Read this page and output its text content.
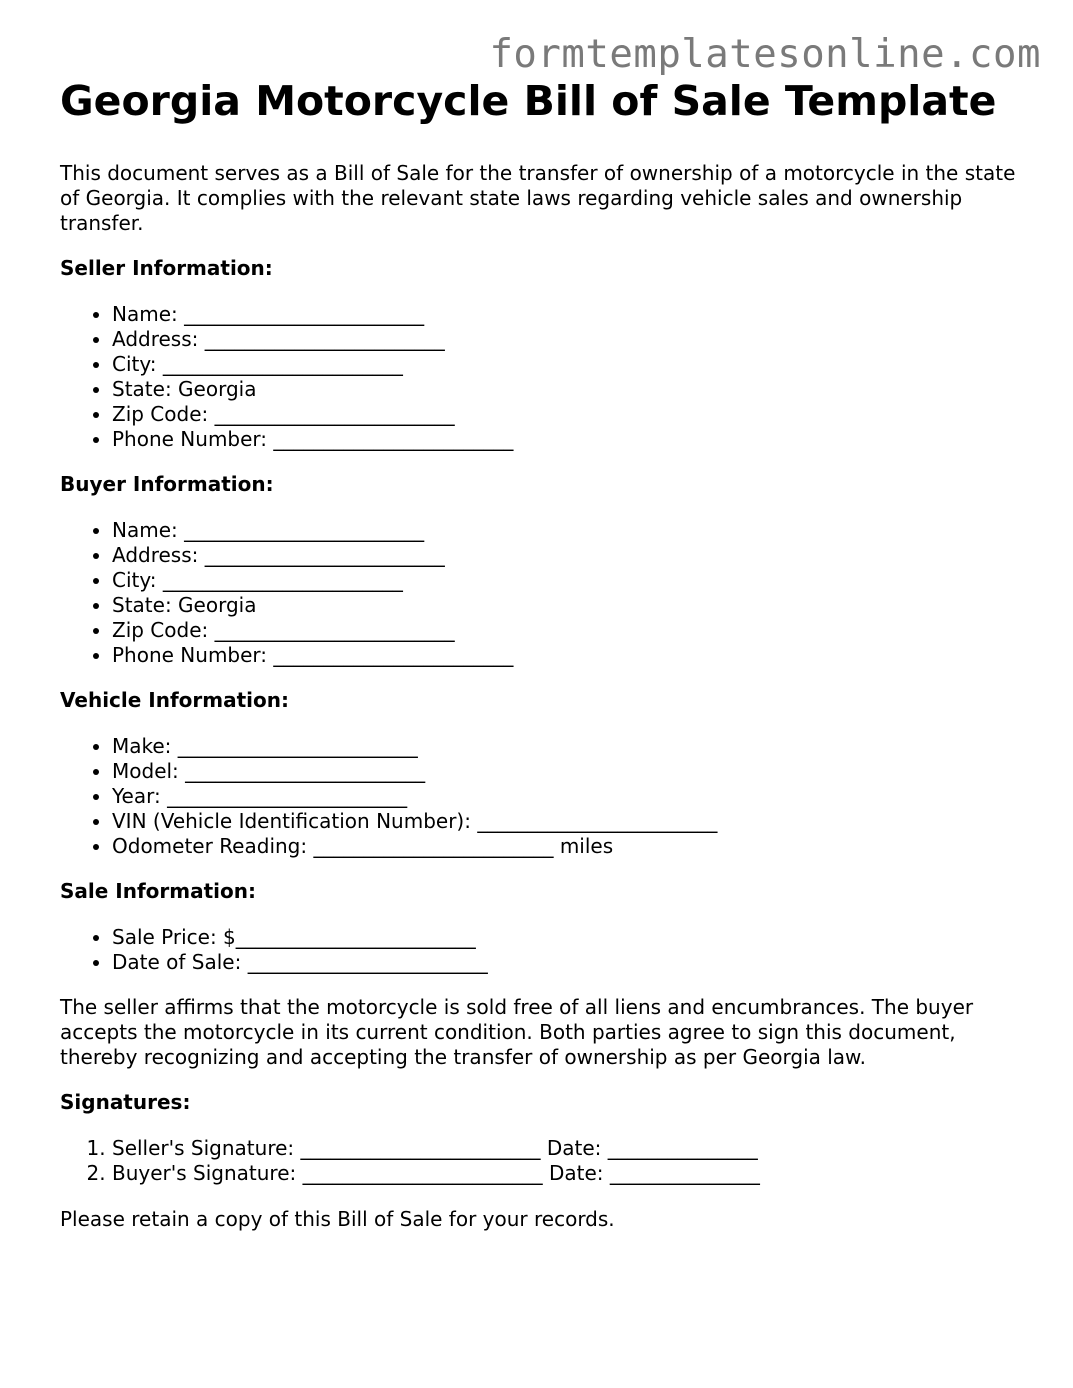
formtemplatesonline.com
Georgia Motorcycle Bill of Sale Template

This document serves as a Bill of Sale for the transfer of ownership of a motorcycle in the state of Georgia. It complies with the relevant state laws regarding vehicle sales and ownership transfer.

Seller Information:
• Name: ________________________
• Address: ________________________
• City: ________________________
• State: Georgia
• Zip Code: ________________________
• Phone Number: ________________________
Buyer Information:
• Name: ________________________
• Address: ________________________
• City: ________________________
• State: Georgia
• Zip Code: ________________________
• Phone Number: ________________________
Vehicle Information:
• Make: ________________________
• Model: ________________________
• Year: ________________________
• VIN (Vehicle Identification Number): ________________________
• Odometer Reading: ________________________ miles
Sale Information:
• Sale Price: $________________________
• Date of Sale: ________________________

The seller affirms that the motorcycle is sold free of all liens and encumbrances. The buyer accepts the motorcycle in its current condition. Both parties agree to sign this document, thereby recognizing and accepting the transfer of ownership as per Georgia law.

Signatures:
1. Seller's Signature: ________________________ Date: _______________
2. Buyer's Signature: ________________________ Date: _______________

Please retain a copy of this Bill of Sale for your records.
